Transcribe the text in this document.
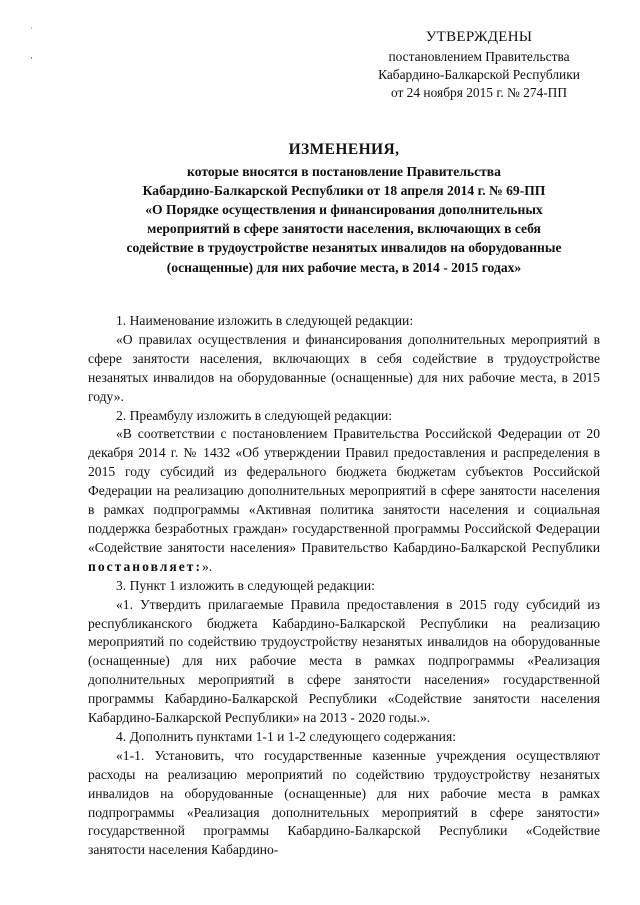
˙
‚
УТВЕРЖДЕНЫ
постановлением Правительства
Кабардино-Балкарской Республики
от 24 ноября 2015 г. № 274-ПП
ИЗМЕНЕНИЯ,
которые вносятся в постановление Правительства
Кабардино-Балкарской Республики от 18 апреля 2014 г. № 69-ПП
«О Порядке осуществления и финансирования дополнительных
мероприятий в сфере занятости населения, включающих в себя
содействие в трудоустройстве незанятых инвалидов на оборудованные
(оснащенные) для них рабочие места, в 2014 - 2015 годах»

1. Наименование изложить в следующей редакции:

«О правилах осуществления и финансирования дополнительных мероприятий в сфере занятости населения, включающих в себя содействие в трудоустройстве незанятых инвалидов на оборудованные (оснащенные) для них рабочие места, в 2015 году».

2. Преамбулу изложить в следующей редакции:

«В соответствии с постановлением Правительства Российской Федерации от 20 декабря 2014 г. № 1432 «Об утверждении Правил предоставления и распределения в 2015 году субсидий из федерального бюджета бюджетам субъектов Российской Федерации на реализацию дополнительных мероприятий в сфере занятости населения в рамках подпрограммы «Активная политика занятости населения и социальная поддержка безработных граждан» государственной программы Российской Федерации «Содействие занятости населения» Правительство Кабардино-Балкарской Республики постановляет:».

3. Пункт 1 изложить в следующей редакции:

«1. Утвердить прилагаемые Правила предоставления в 2015 году субсидий из республиканского бюджета Кабардино-Балкарской Республики на реализацию мероприятий по содействию трудоустройству незанятых инвалидов на оборудованные (оснащенные) для них рабочие места в рамках подпрограммы «Реализация дополнительных мероприятий в сфере занятости населения» государственной программы Кабардино-Балкарской Республики «Содействие занятости населения Кабардино-Балкарской Республики» на 2013 - 2020 годы.».

4. Дополнить пунктами 1-1 и 1-2 следующего содержания:

«1-1. Установить, что государственные казенные учреждения осуществляют расходы на реализацию мероприятий по содействию трудоустройству незанятых инвалидов на оборудованные (оснащенные) для них рабочие места в рамках подпрограммы «Реализация дополнительных мероприятий в сфере занятости» государственной программы Кабардино-Балкарской Республики «Содействие занятости населения Кабардино-
